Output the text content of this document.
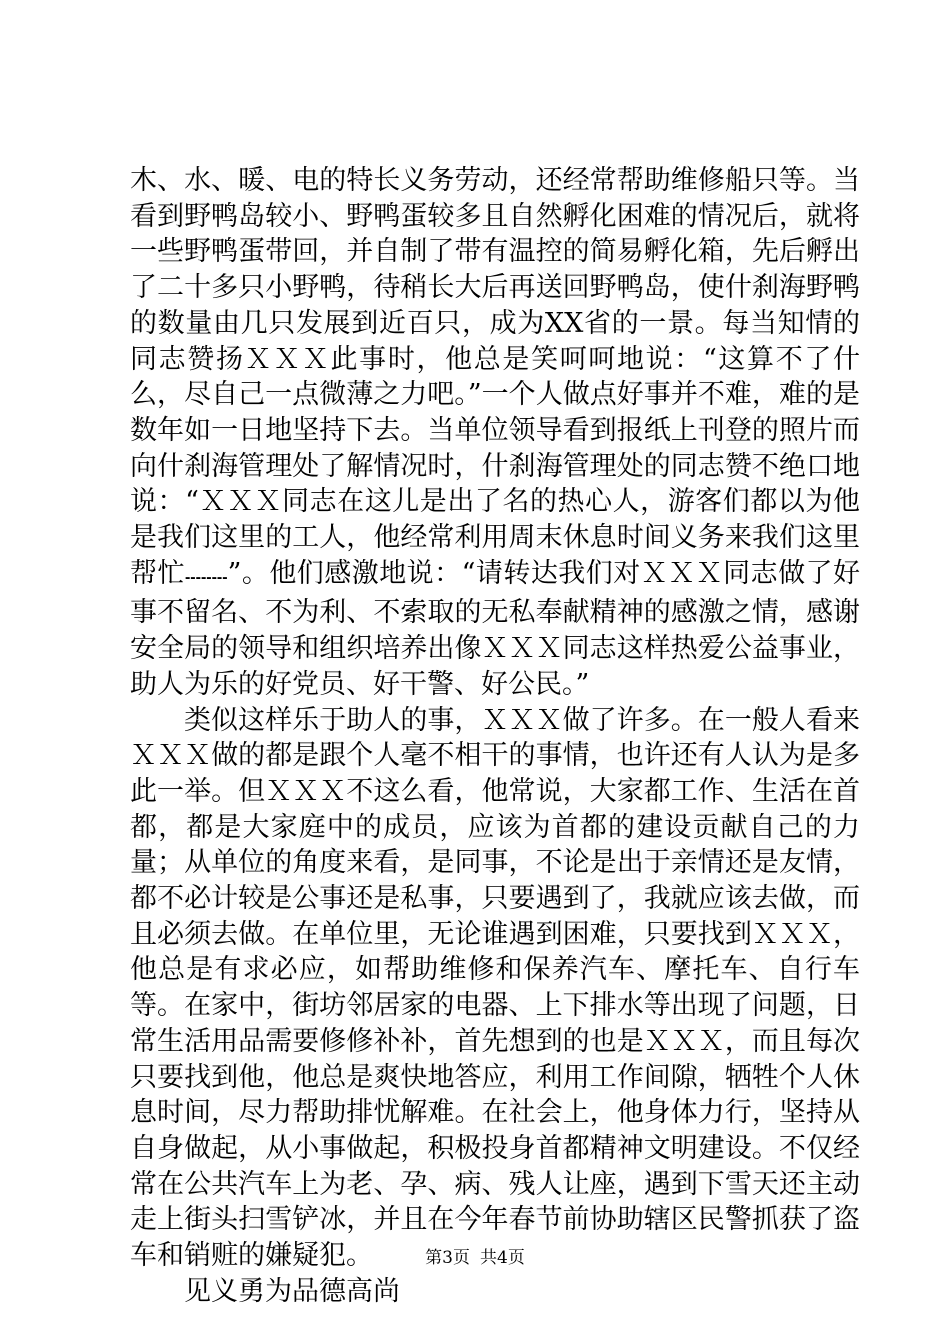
木、水、暖、电的特长义务劳动，还经常帮助维修船只等。当看到野鸭岛较小、野鸭蛋较多且自然孵化困难的情况后，就将一些野鸭蛋带回，并自制了带有温控的简易孵化箱，先后孵出了二十多只小野鸭，待稍长大后再送回野鸭岛，使什刹海野鸭的数量由几只发展到近百只，成为XX省的一景。每当知情的同志赞扬ＸＸＸ此事时，他总是笑呵呵地说：“这算不了什么，尽自己一点微薄之力吧。”一个人做点好事并不难，难的是数年如一日地坚持下去。当单位领导看到报纸上刊登的照片而向什刹海管理处了解情况时，什刹海管理处的同志赞不绝口地说：“ＸＸＸ同志在这儿是出了名的热心人，游客们都以为他是我们这里的工人，他经常利用周末休息时间义务来我们这里帮忙--------”。他们感激地说：“请转达我们对ＸＸＸ同志做了好事不留名、不为利、不索取的无私奉献精神的感激之情，感谢安全局的领导和组织培养出像ＸＸＸ同志这样热爱公益事业，助人为乐的好党员、好干警、好公民。”

类似这样乐于助人的事，ＸＸＸ做了许多。在一般人看来ＸＸＸ做的都是跟个人毫不相干的事情，也许还有人认为是多此一举。但ＸＸＸ不这么看，他常说，大家都工作、生活在首都，都是大家庭中的成员，应该为首都的建设贡献自己的力量；从单位的角度来看，是同事，不论是出于亲情还是友情，都不必计较是公事还是私事，只要遇到了，我就应该去做，而且必须去做。在单位里，无论谁遇到困难，只要找到ＸＸＸ，他总是有求必应，如帮助维修和保养汽车、摩托车、自行车等。在家中，街坊邻居家的电器、上下排水等出现了问题，日常生活用品需要修修补补，首先想到的也是ＸＸＸ，而且每次只要找到他，他总是爽快地答应，利用工作间隙，牺牲个人休息时间，尽力帮助排忧解难。在社会上，他身体力行，坚持从自身做起，从小事做起，积极投身首都精神文明建设。不仅经常在公共汽车上为老、孕、病、残人让座，遇到下雪天还主动走上街头扫雪铲冰，并且在今年春节前协助辖区民警抓获了盗车和销赃的嫌疑犯。

见义勇为品德高尚

第3页 共4页
